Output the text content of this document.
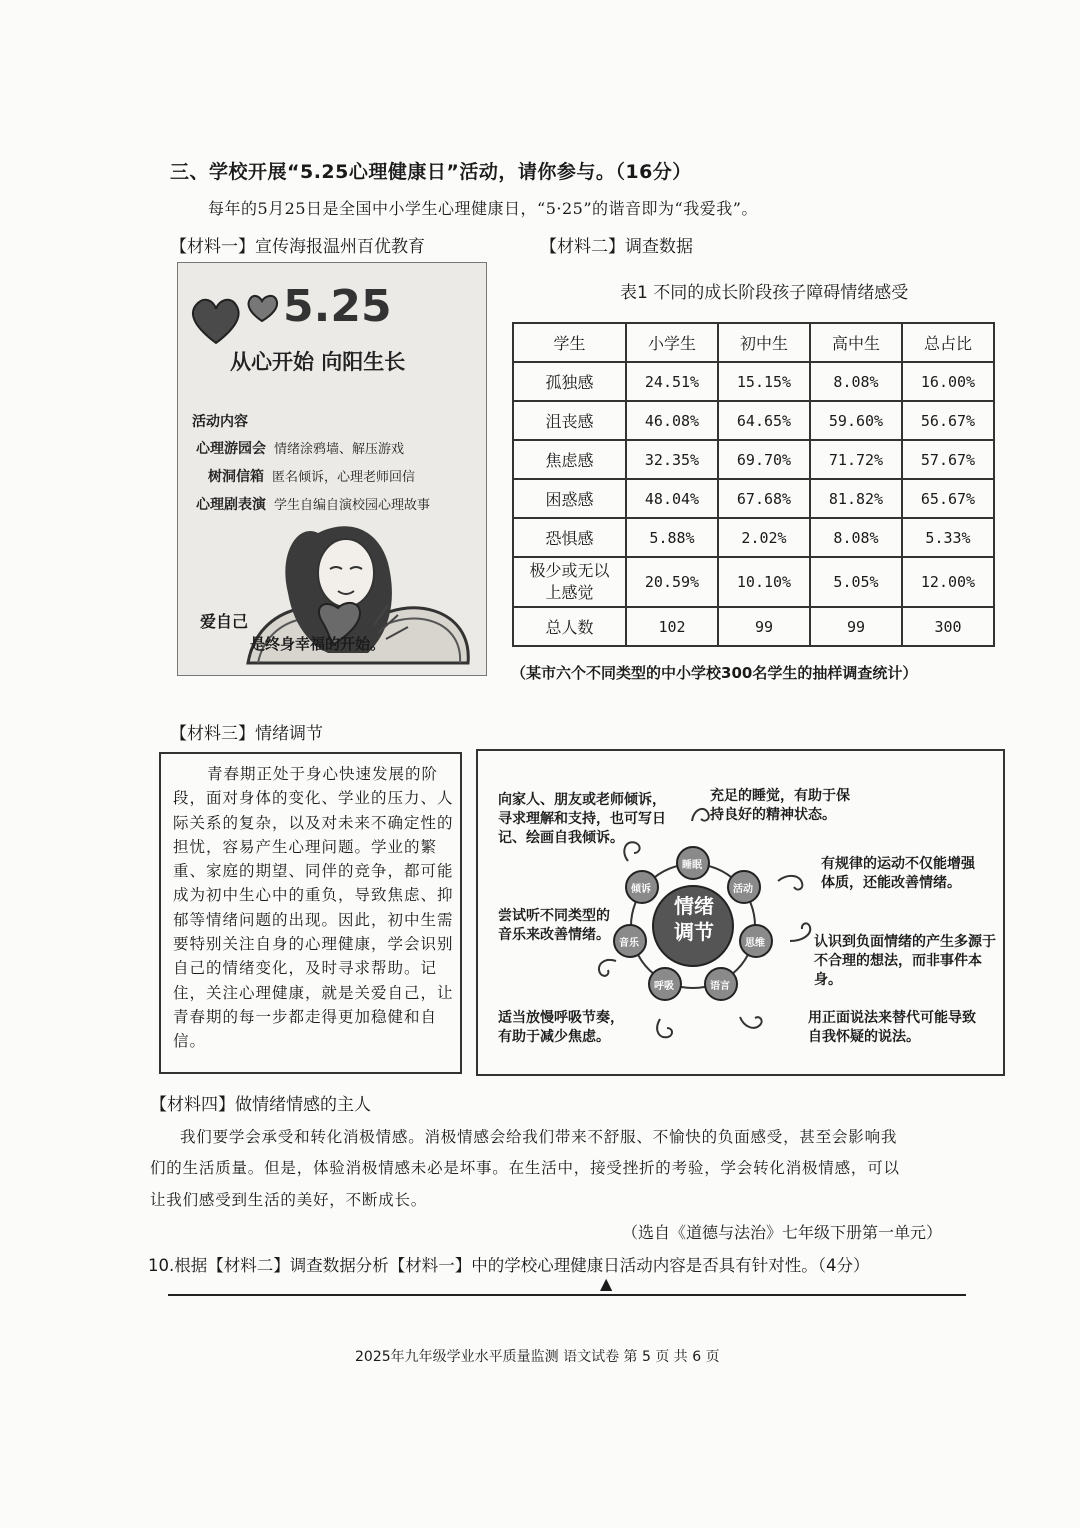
三、学校开展“5.25心理健康日”活动，请你参与。（16分）
每年的5月25日是全国中小学生心理健康日，“5·25”的谐音即为“我爱我”。
【材料一】宣传海报温州百优教育	【材料二】调查数据
5.25
从心开始 向阳生长
活动内容
心理游园会 情绪涂鸦墙、解压游戏
树洞信箱 匿名倾诉，心理老师回信
心理剧表演 学生自编自演校园心理故事
爱自己
是终身幸福的开始。
表1 不同的成长阶段孩子障碍情绪感受
学生	小学生	初中生	高中生	总占比
孤独感	24.51%	15.15%	8.08%	16.00%
沮丧感	46.08%	64.65%	59.60%	56.67%
焦虑感	32.35%	69.70%	71.72%	57.67%
困惑感	48.04%	67.68%	81.82%	65.67%
恐惧感	5.88%	2.02%	8.08%	5.33%
极少或无以上感觉	20.59%	10.10%	5.05%	12.00%
总人数	102	99	99	300
（某市六个不同类型的中小学校300名学生的抽样调查统计）
【材料三】情绪调节
青春期正处于身心快速发展的阶段，面对身体的变化、学业的压力、人际关系的复杂，以及对未来不确定性的担忧，容易产生心理问题。学业的繁重、家庭的期望、同伴的竞争，都可能成为初中生心中的重负，导致焦虑、抑郁等情绪问题的出现。因此，初中生需要特别关注自身的心理健康，学会识别自己的情绪变化，及时寻求帮助。记住，关注心理健康，就是关爱自己，让青春期的每一步都走得更加稳健和自信。
情绪调节
睡眠
活动
思维
语言
呼吸
音乐
倾诉
向家人、朋友或老师倾诉，寻求理解和支持，也可写日记、绘画自我倾诉。
充足的睡觉，有助于保持良好的精神状态。
有规律的运动不仅能增强体质，还能改善情绪。
尝试听不同类型的音乐来改善情绪。	认识到负面情绪的产生多源于不合理的想法，而非事件本身。
适当放慢呼吸节奏，有助于减少焦虑。
用正面说法来替代可能导致自我怀疑的说法。
【材料四】做情绪情感的主人
我们要学会承受和转化消极情感。消极情感会给我们带来不舒服、不愉快的负面感受，甚至会影响我
们的生活质量。但是，体验消极情感未必是坏事。在生活中，接受挫折的考验，学会转化消极情感，可以
让我们感受到生活的美好，不断成长。
（选自《道德与法治》七年级下册第一单元）
10.根据【材料二】调查数据分析【材料一】中的学校心理健康日活动内容是否具有针对性。（4分）
▲
2025年九年级学业水平质量监测 语文试卷 第 5 页 共 6 页
